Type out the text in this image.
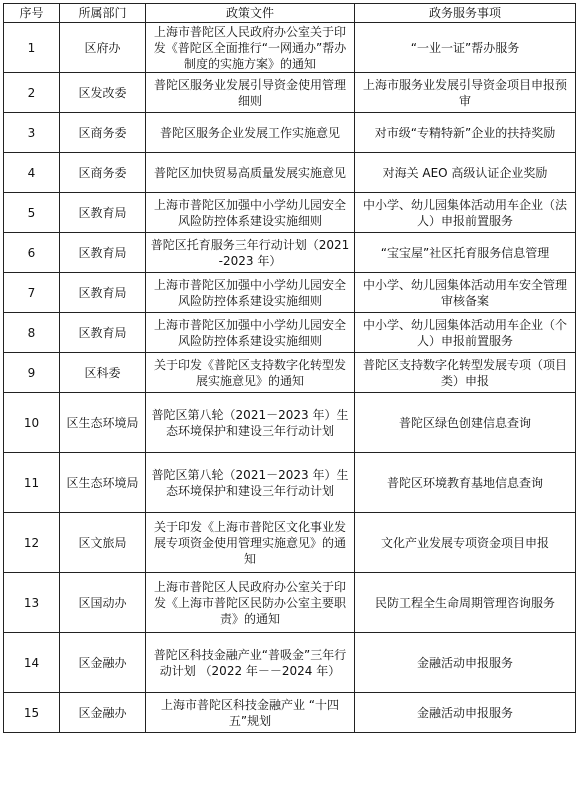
序号	所属部门	政策文件	政务服务事项
1	区府办	上海市普陀区人民政府办公室关于印发《普陀区全面推行“一网通办”帮办制度的实施方案》的通知	“一业一证”帮办服务
2	区发改委	普陀区服务业发展引导资金使用管理细则	上海市服务业发展引导资金项目申报预审
3	区商务委	普陀区服务企业发展工作实施意见	对市级“专精特新”企业的扶持奖励
4	区商务委	普陀区加快贸易高质量发展实施意见	对海关 AEO 高级认证企业奖励
5	区教育局	上海市普陀区加强中小学幼儿园安全风险防控体系建设实施细则	中小学、幼儿园集体活动用车企业（法人）申报前置服务
6	区教育局	普陀区托育服务三年行动计划（2021-2023 年）	“宝宝屋”社区托育服务信息管理
7	区教育局	上海市普陀区加强中小学幼儿园安全风险防控体系建设实施细则	中小学、幼儿园集体活动用车安全管理审核备案
8	区教育局	上海市普陀区加强中小学幼儿园安全风险防控体系建设实施细则	中小学、幼儿园集体活动用车企业（个人）申报前置服务
9	区科委	关于印发《普陀区支持数字化转型发展实施意见》的通知	普陀区支持数字化转型发展专项（项目类）申报
10	区生态环境局	普陀区第八轮（2021－2023 年）生态环境保护和建设三年行动计划	普陀区绿色创建信息查询
11	区生态环境局	普陀区第八轮（2021－2023 年）生态环境保护和建设三年行动计划	普陀区环境教育基地信息查询
12	区文旅局	关于印发《上海市普陀区文化事业发展专项资金使用管理实施意见》的通知	文化产业发展专项资金项目申报
13	区国动办	上海市普陀区人民政府办公室关于印发《上海市普陀区民防办公室主要职责》的通知	民防工程全生命周期管理咨询服务
14	区金融办	普陀区科技金融产业“普吸金”三年行动计划 （2022 年－－2024 年）	金融活动申报服务
15	区金融办	上海市普陀区科技金融产业 “十四五”规划	金融活动申报服务
